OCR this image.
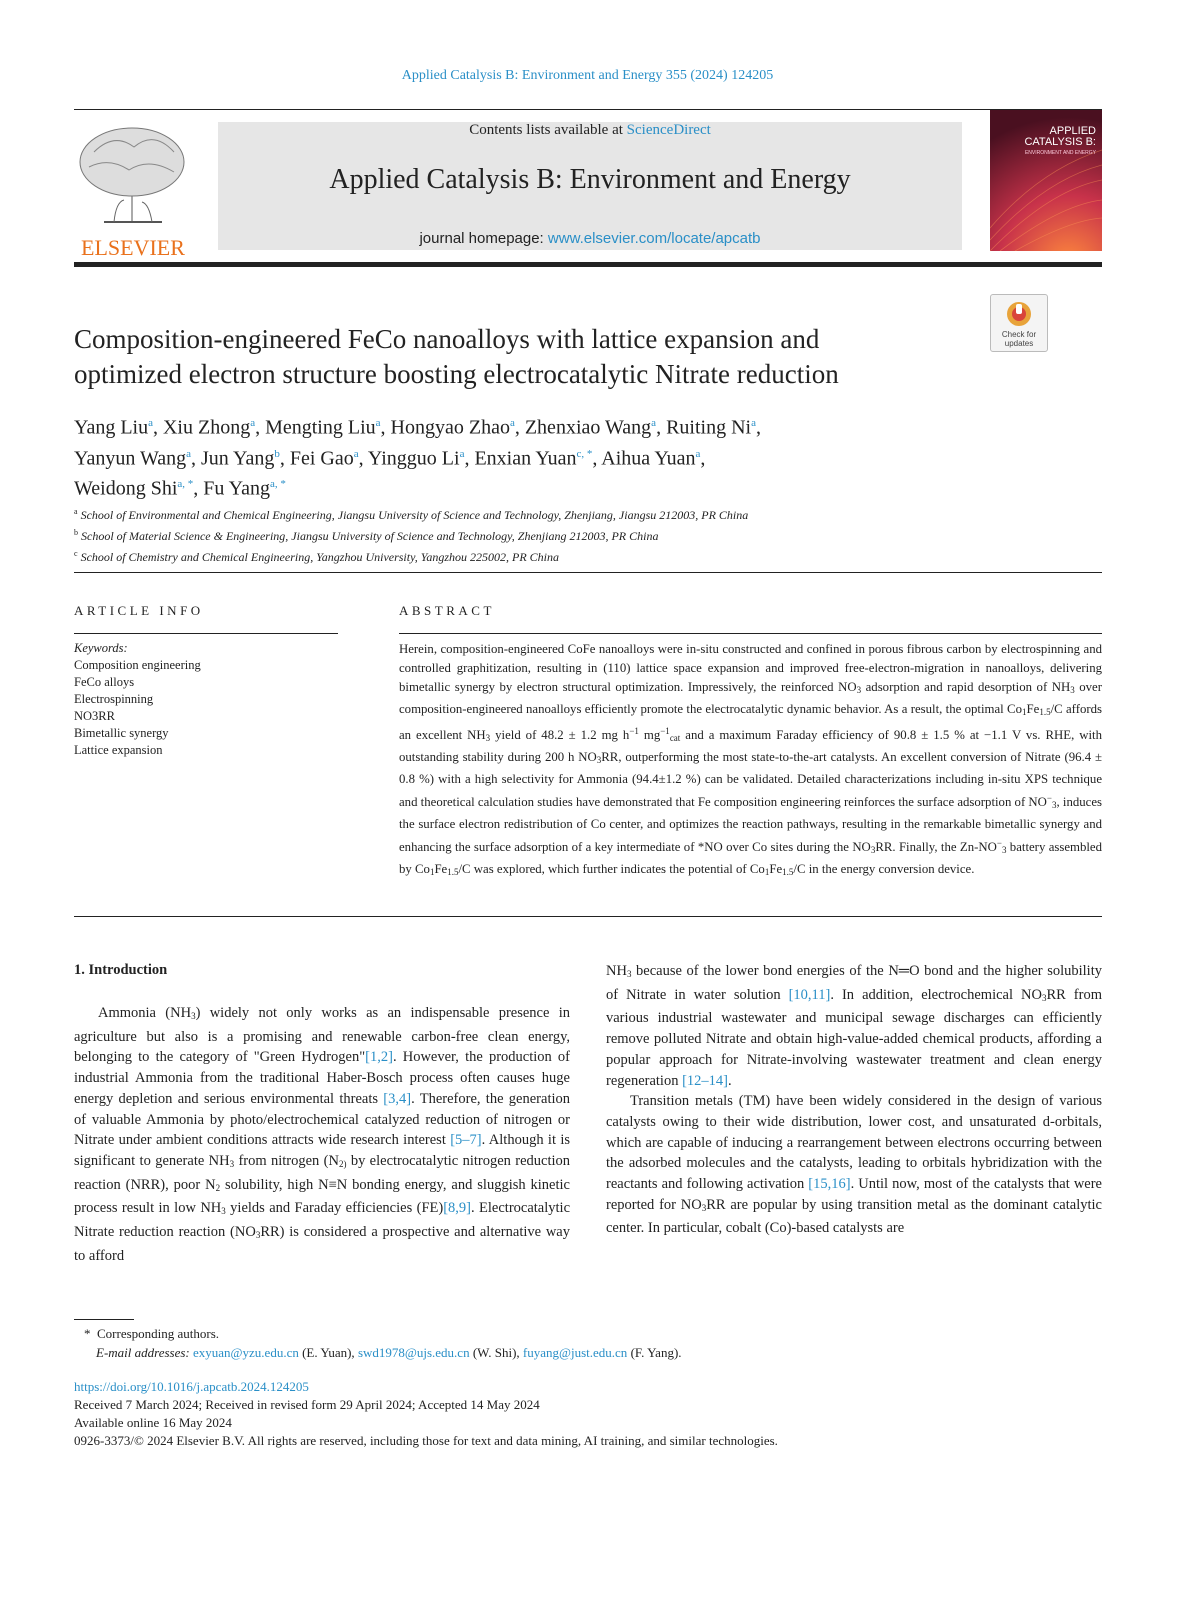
Applied Catalysis B: Environment and Energy 355 (2024) 124205
ELSEVIER
Contents lists available at ScienceDirect
Applied Catalysis B: Environment and Energy
journal homepage: www.elsevier.com/locate/apcatb
APPLIED
CATALYSIS B:
ENVIRONMENT AND ENERGY
Check for updates
Composition-engineered FeCo nanoalloys with lattice expansion and
optimized electron structure boosting electrocatalytic Nitrate reduction
Yang Liu$^a$, Xiu Zhong$^a$, Mengting Liu$^a$, Hongyao Zhao$^a$, Zhenxiao Wang$^a$, Ruiting Ni$^a$,
Yanyun Wang$^a$, Jun Yang$^b$, Fei Gao$^a$, Yingguo Li$^a$, Enxian Yuan$^{c, *}$, Aihua Yuan$^a$,
Weidong Shi$^{a, *}$, Fu Yang$^{a, *}$
$^a$ School of Environmental and Chemical Engineering, Jiangsu University of Science and Technology, Zhenjiang, Jiangsu 212003, PR China
$^b$ School of Material Science & Engineering, Jiangsu University of Science and Technology, Zhenjiang 212003, PR China
$^c$ School of Chemistry and Chemical Engineering, Yangzhou University, Yangzhou 225002, PR China
ARTICLE INFO	ABSTRACT
Keywords:
Composition engineering
FeCo alloys
Electrospinning
NO3RR
Bimetallic synergy
Lattice expansion
Herein, composition-engineered CoFe nanoalloys were in-situ constructed and confined in porous fibrous carbon by electrospinning and controlled graphitization, resulting in (110) lattice space expansion and improved free-electron-migration in nanoalloys, delivering bimetallic synergy by electron structural optimization. Impressively, the reinforced $NO_3$ adsorption and rapid desorption of $NH_3$ over composition-engineered nanoalloys efficiently promote the electrocatalytic dynamic behavior. As a result, the optimal $Co_1Fe_{1.5}/C$ affords an excellent $NH_3$ yield of 48.2 ± 1.2 mg $h^{-1}$ $mg^{-1}_{cat}$ and a maximum Faraday efficiency of 90.8 ± 1.5 % at −1.1 V vs. RHE, with outstanding stability during 200 h $NO_3RR$, outperforming the most state-to-the-art catalysts. An excellent conversion of Nitrate (96.4 ± 0.8 %) with a high selectivity for Ammonia (94.4±1.2 %) can be validated. Detailed characterizations including in-situ XPS technique and theoretical calculation studies have demonstrated that Fe composition engineering reinforces the surface adsorption of $NO^-_3$, induces the surface electron redistribution of Co center, and optimizes the reaction pathways, resulting in the remarkable bimetallic synergy and enhancing the surface adsorption of a key intermediate of *NO over Co sites during the $NO_3RR$. Finally, the $Zn-NO^-_3$ battery assembled by $Co_1Fe_{1.5}/C$ was explored, which further indicates the potential of $Co_1Fe_{1.5}/C$ in the energy conversion device.
1. Introduction

Ammonia $(NH_3)$ widely not only works as an indispensable presence in agriculture but also is a promising and renewable carbon-free clean energy, belonging to the category of "Green Hydrogen"[1,2]. However, the production of industrial Ammonia from the traditional Haber-Bosch process often causes huge energy depletion and serious environmental threats [3,4]. Therefore, the generation of valuable Ammonia by photo/electrochemical catalyzed reduction of nitrogen or Nitrate under ambient conditions attracts wide research interest [5–7]. Although it is significant to generate $NH_3$ from nitrogen ($N_{2)}$ by electrocatalytic nitrogen reduction reaction (NRR), poor $N_2$ solubility, high N≡N bonding energy, and sluggish kinetic process result in low $NH_3$ yields and Faraday efficiencies (FE)[8,9]. Electrocatalytic Nitrate reduction reaction $(NO_3RR)$ is considered a prospective and alternative way to afford

$NH_3$ because of the lower bond energies of the N═O bond and the higher solubility of Nitrate in water solution [10,11]. In addition, electrochemical $NO_3RR$ from various industrial wastewater and municipal sewage discharges can efficiently remove polluted Nitrate and obtain high-value-added chemical products, affording a popular approach for Nitrate-involving wastewater treatment and clean energy regeneration [12–14].

Transition metals (TM) have been widely considered in the design of various catalysts owing to their wide distribution, lower cost, and unsaturated d-orbitals, which are capable of inducing a rearrangement between electrons occurring between the adsorbed molecules and the catalysts, leading to orbitals hybridization with the reactants and following activation [15,16]. Until now, most of the catalysts that were reported for $NO_3RR$ are popular by using transition metal as the dominant catalytic center. In particular, cobalt (Co)-based catalysts are

*  Corresponding authors.
E-mail addresses: exyuan@yzu.edu.cn (E. Yuan), swd1978@ujs.edu.cn (W. Shi), fuyang@just.edu.cn (F. Yang).
https://doi.org/10.1016/j.apcatb.2024.124205
Received 7 March 2024; Received in revised form 29 April 2024; Accepted 14 May 2024
Available online 16 May 2024
0926-3373/© 2024 Elsevier B.V. All rights are reserved, including those for text and data mining, AI training, and similar technologies.
